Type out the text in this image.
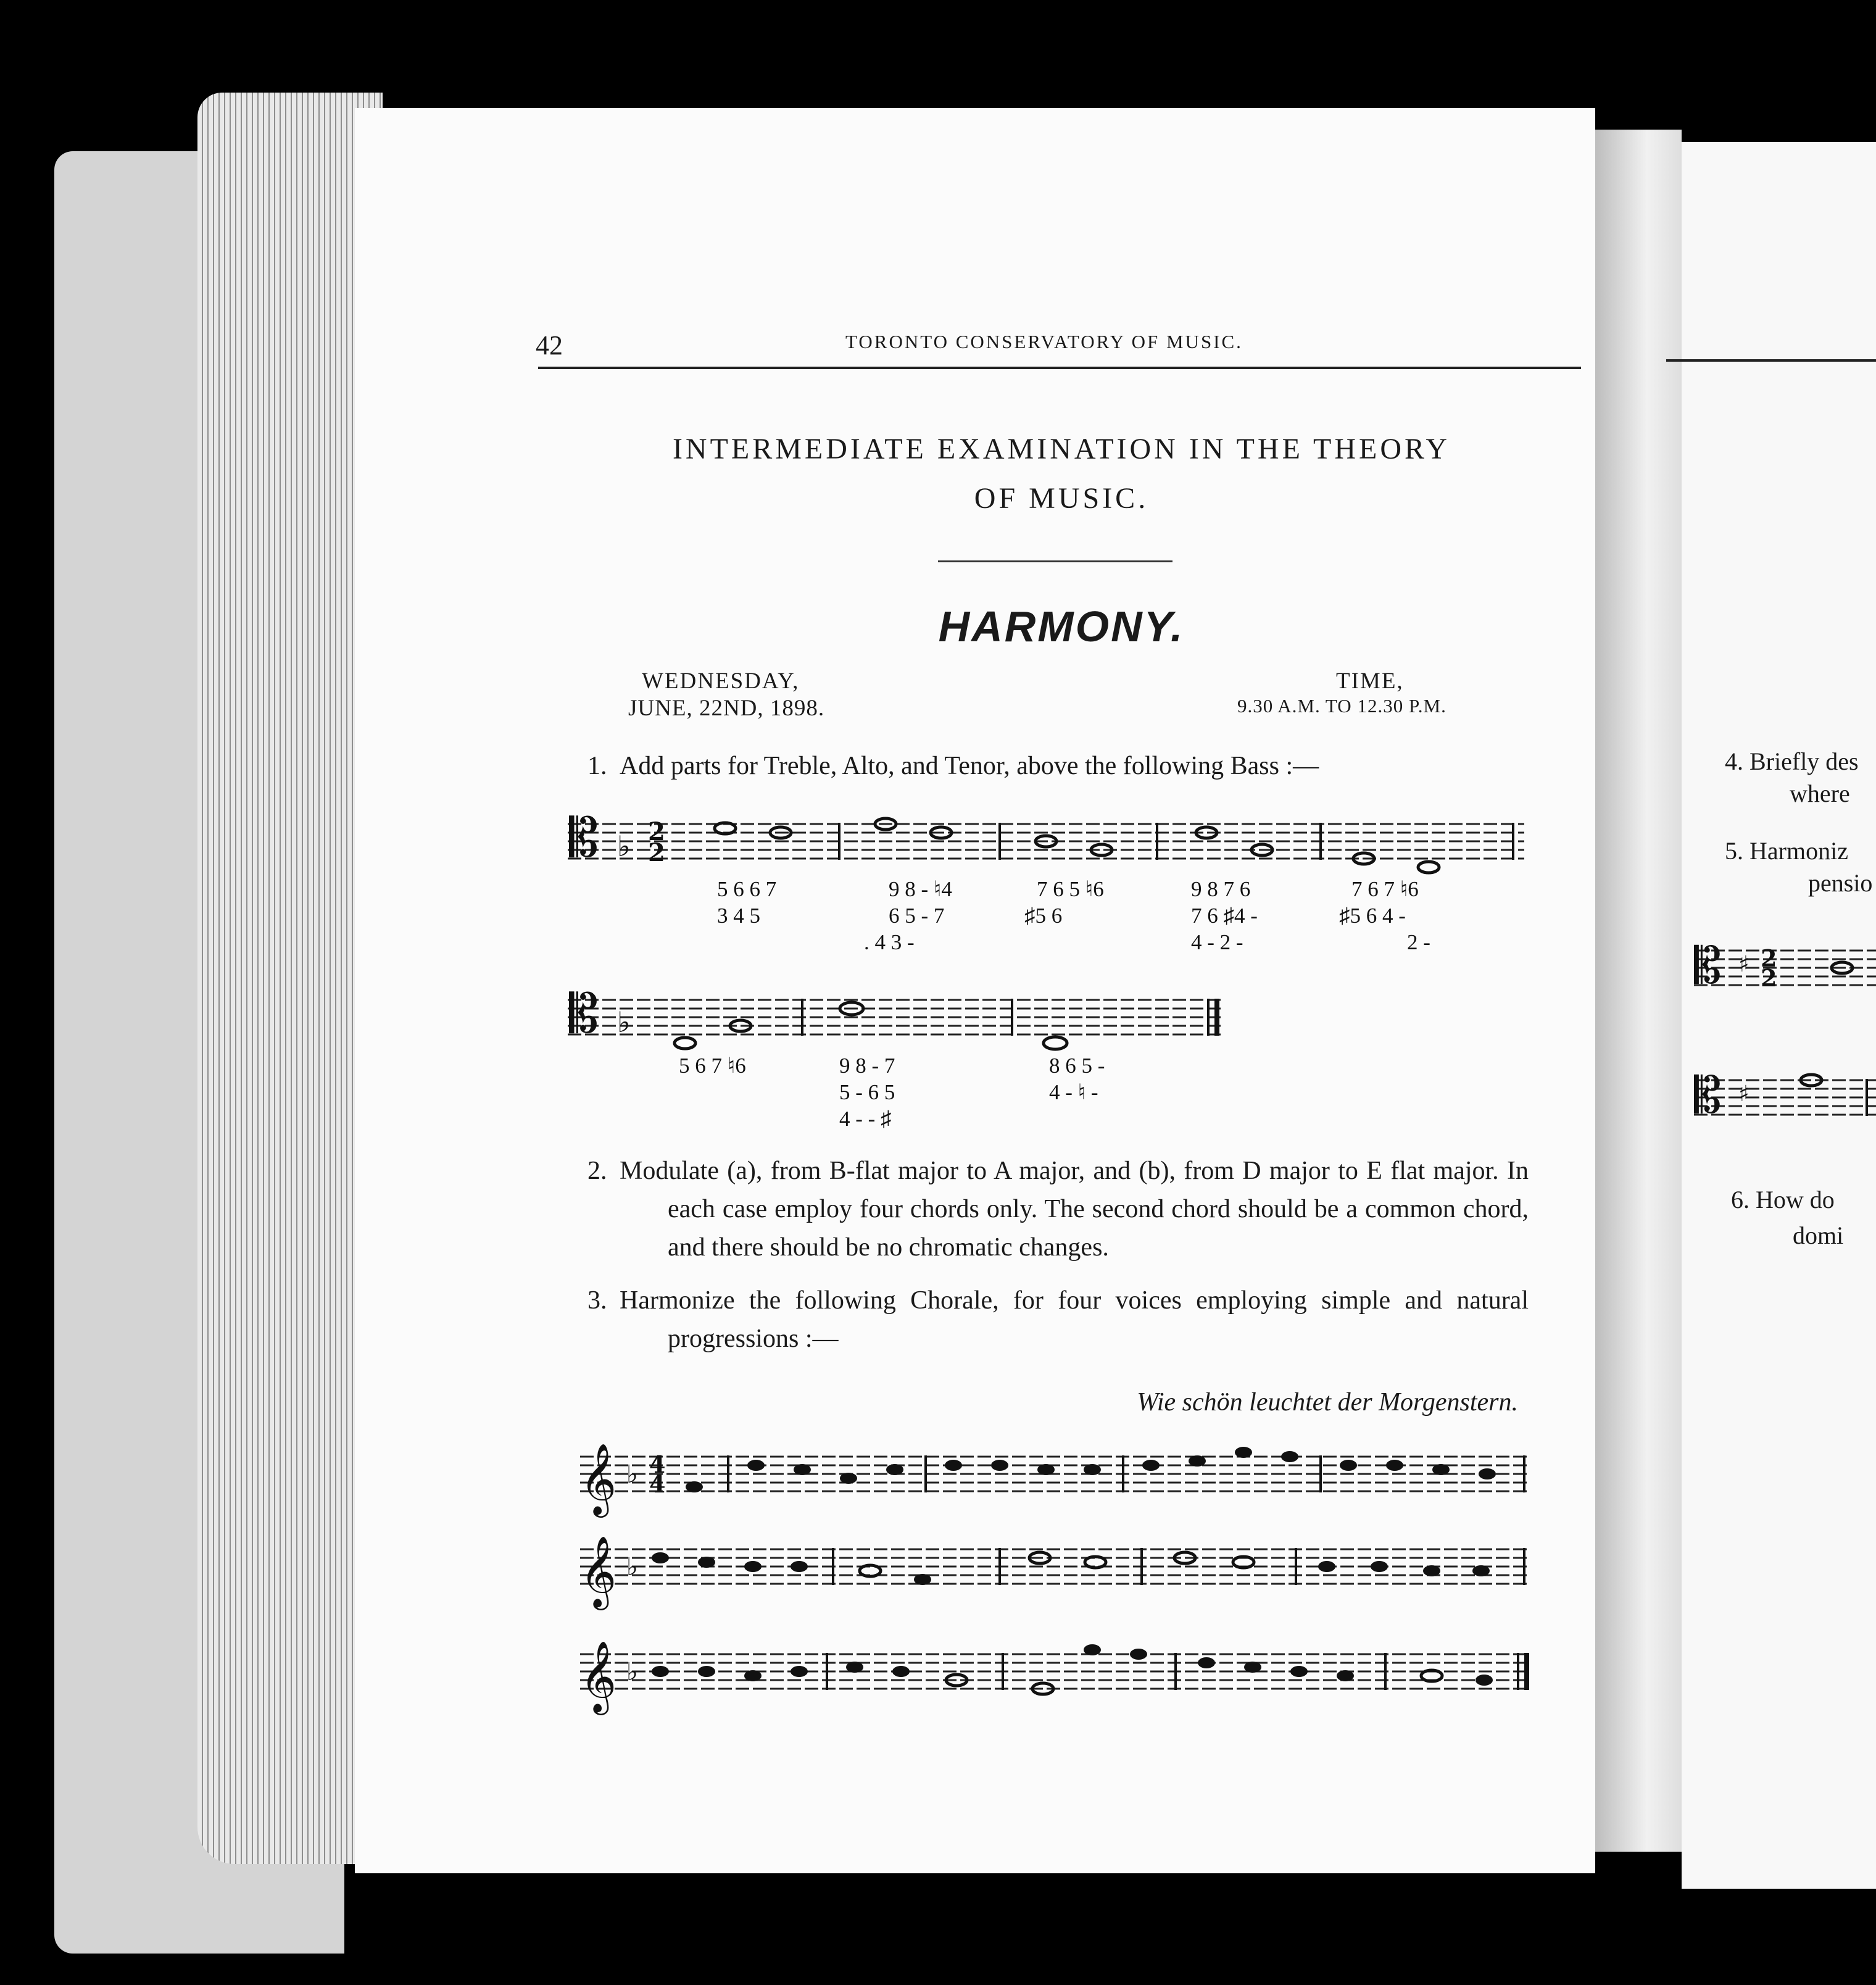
42	TORONTO CONSERVATORY OF MUSIC.
INTERMEDIATE EXAMINATION IN THE THEORY
OF MUSIC.
HARMONY.
WEDNESDAY,
JUNE, 22ND, 1898.
TIME,
9.30 A.M. TO 12.30 P.M.
1. Add parts for Treble, Alto, and Tenor, above the following Bass :—
𝄡 ♭ 2
2
5 6 6 7
3 4 5
9 8 - ♮4
6 5 - 7
. 4 3 -
7 6 5 ♮6
♯5 6
9 8 7 6
7 6 ♯4 -
4 - 2 -
7 6 7 ♮6
♯5 6 4 -
2 -
𝄡 ♭
5 6 7 ♮6	9 8 - 7
5 - 6 5
4 - - ♯
8 6 5 -
4 - ♮ -
2. Modulate (a), from B-flat major to A major, and (b), from D major to E flat major. In each case employ four chords only. The second chord should be a common chord, and there should be no chromatic changes.
3. Harmonize the following Chorale, for four voices employing simple and natural progressions :—
Wie schön leuchtet der Morgenstern.
𝄞 ♭ 4
4
𝄞 ♭
𝄞 ♭
4. Briefly des
where
5. Harmoniz
pensio
𝄡 ♯ 2
2
𝄡 ♯
6. How do
domi
